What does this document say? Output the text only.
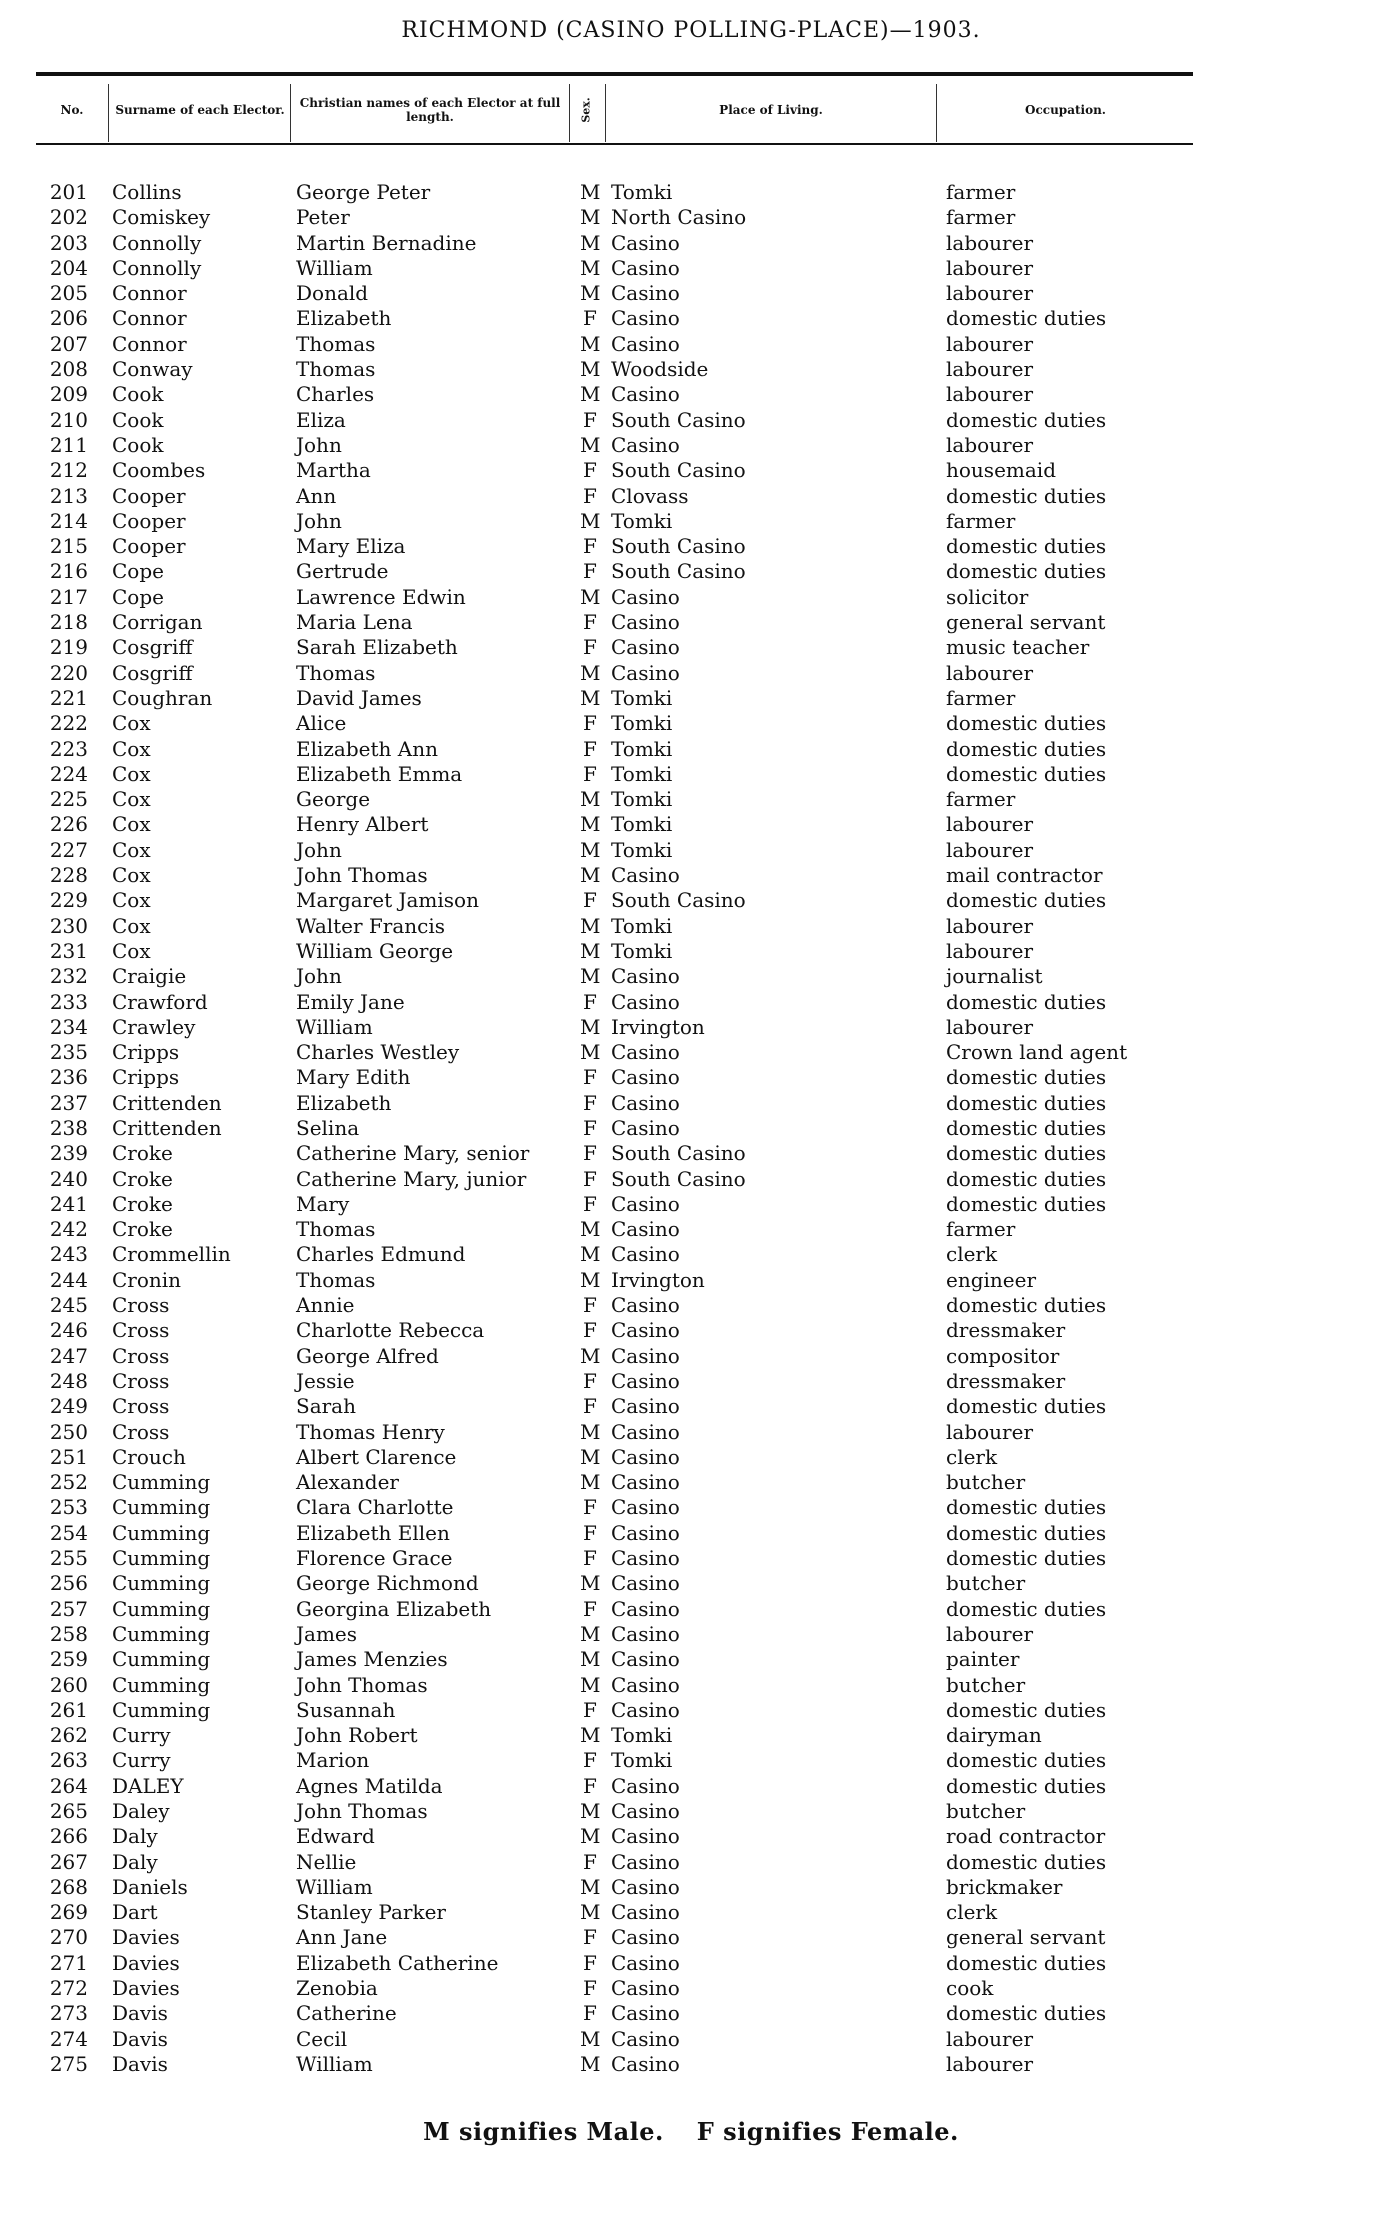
RICHMOND (CASINO POLLING-PLACE)—1903.
No.	Surname of each Elector.	Christian names of each Elector at full length.	Sex.	Place of Living.	Occupation.
201 Collins	George Peter	M Tomki	farmer
202 Comiskey	Peter	M North Casino	farmer
203 Connolly	Martin Bernadine	M Casino	labourer
204 Connolly	William	M Casino	labourer
205 Connor	Donald	M Casino	labourer
206 Connor	Elizabeth	F Casino	domestic duties
207 Connor	Thomas	M Casino	labourer
208 Conway	Thomas	M Woodside	labourer
209 Cook	Charles	M Casino	labourer
210 Cook	Eliza	F South Casino	domestic duties
211 Cook	John	M Casino	labourer
212 Coombes	Martha	F South Casino	housemaid
213 Cooper	Ann	F Clovass	domestic duties
214 Cooper	John	M Tomki	farmer
215 Cooper	Mary Eliza	F South Casino	domestic duties
216 Cope	Gertrude	F South Casino	domestic duties
217 Cope	Lawrence Edwin	M Casino	solicitor
218 Corrigan	Maria Lena	F Casino	general servant
219 Cosgriff	Sarah Elizabeth	F Casino	music teacher
220 Cosgriff	Thomas	M Casino	labourer
221 Coughran	David James	M Tomki	farmer
222 Cox	Alice	F Tomki	domestic duties
223 Cox	Elizabeth Ann	F Tomki	domestic duties
224 Cox	Elizabeth Emma	F Tomki	domestic duties
225 Cox	George	M Tomki	farmer
226 Cox	Henry Albert	M Tomki	labourer
227 Cox	John	M Tomki	labourer
228 Cox	John Thomas	M Casino	mail contractor
229 Cox	Margaret Jamison	F South Casino	domestic duties
230 Cox	Walter Francis	M Tomki	labourer
231 Cox	William George	M Tomki	labourer
232 Craigie	John	M Casino	journalist
233 Crawford	Emily Jane	F Casino	domestic duties
234 Crawley	William	M Irvington	labourer
235 Cripps	Charles Westley	M Casino	Crown land agent
236 Cripps	Mary Edith	F Casino	domestic duties
237 Crittenden	Elizabeth	F Casino	domestic duties
238 Crittenden	Selina	F Casino	domestic duties
239 Croke	Catherine Mary, senior	F South Casino	domestic duties
240 Croke	Catherine Mary, junior	F South Casino	domestic duties
241 Croke	Mary	F Casino	domestic duties
242 Croke	Thomas	M Casino	farmer
243 Crommellin	Charles Edmund	M Casino	clerk
244 Cronin	Thomas	M Irvington	engineer
245 Cross	Annie	F Casino	domestic duties
246 Cross	Charlotte Rebecca	F Casino	dressmaker
247 Cross	George Alfred	M Casino	compositor
248 Cross	Jessie	F Casino	dressmaker
249 Cross	Sarah	F Casino	domestic duties
250 Cross	Thomas Henry	M Casino	labourer
251 Crouch	Albert Clarence	M Casino	clerk
252 Cumming	Alexander	M Casino	butcher
253 Cumming	Clara Charlotte	F Casino	domestic duties
254 Cumming	Elizabeth Ellen	F Casino	domestic duties
255 Cumming	Florence Grace	F Casino	domestic duties
256 Cumming	George Richmond	M Casino	butcher
257 Cumming	Georgina Elizabeth	F Casino	domestic duties
258 Cumming	James	M Casino	labourer
259 Cumming	James Menzies	M Casino	painter
260 Cumming	John Thomas	M Casino	butcher
261 Cumming	Susannah	F Casino	domestic duties
262 Curry	John Robert	M Tomki	dairyman
263 Curry	Marion	F Tomki	domestic duties
264 DALEY	Agnes Matilda	F Casino	domestic duties
265 Daley	John Thomas	M Casino	butcher
266 Daly	Edward	M Casino	road contractor
267 Daly	Nellie	F Casino	domestic duties
268 Daniels	William	M Casino	brickmaker
269 Dart	Stanley Parker	M Casino	clerk
270 Davies	Ann Jane	F Casino	general servant
271 Davies	Elizabeth Catherine	F Casino	domestic duties
272 Davies	Zenobia	F Casino	cook
273 Davis	Catherine	F Casino	domestic duties
274 Davis	Cecil	M Casino	labourer
275 Davis	William	M Casino	labourer
M signifies Male. F signifies Female.
